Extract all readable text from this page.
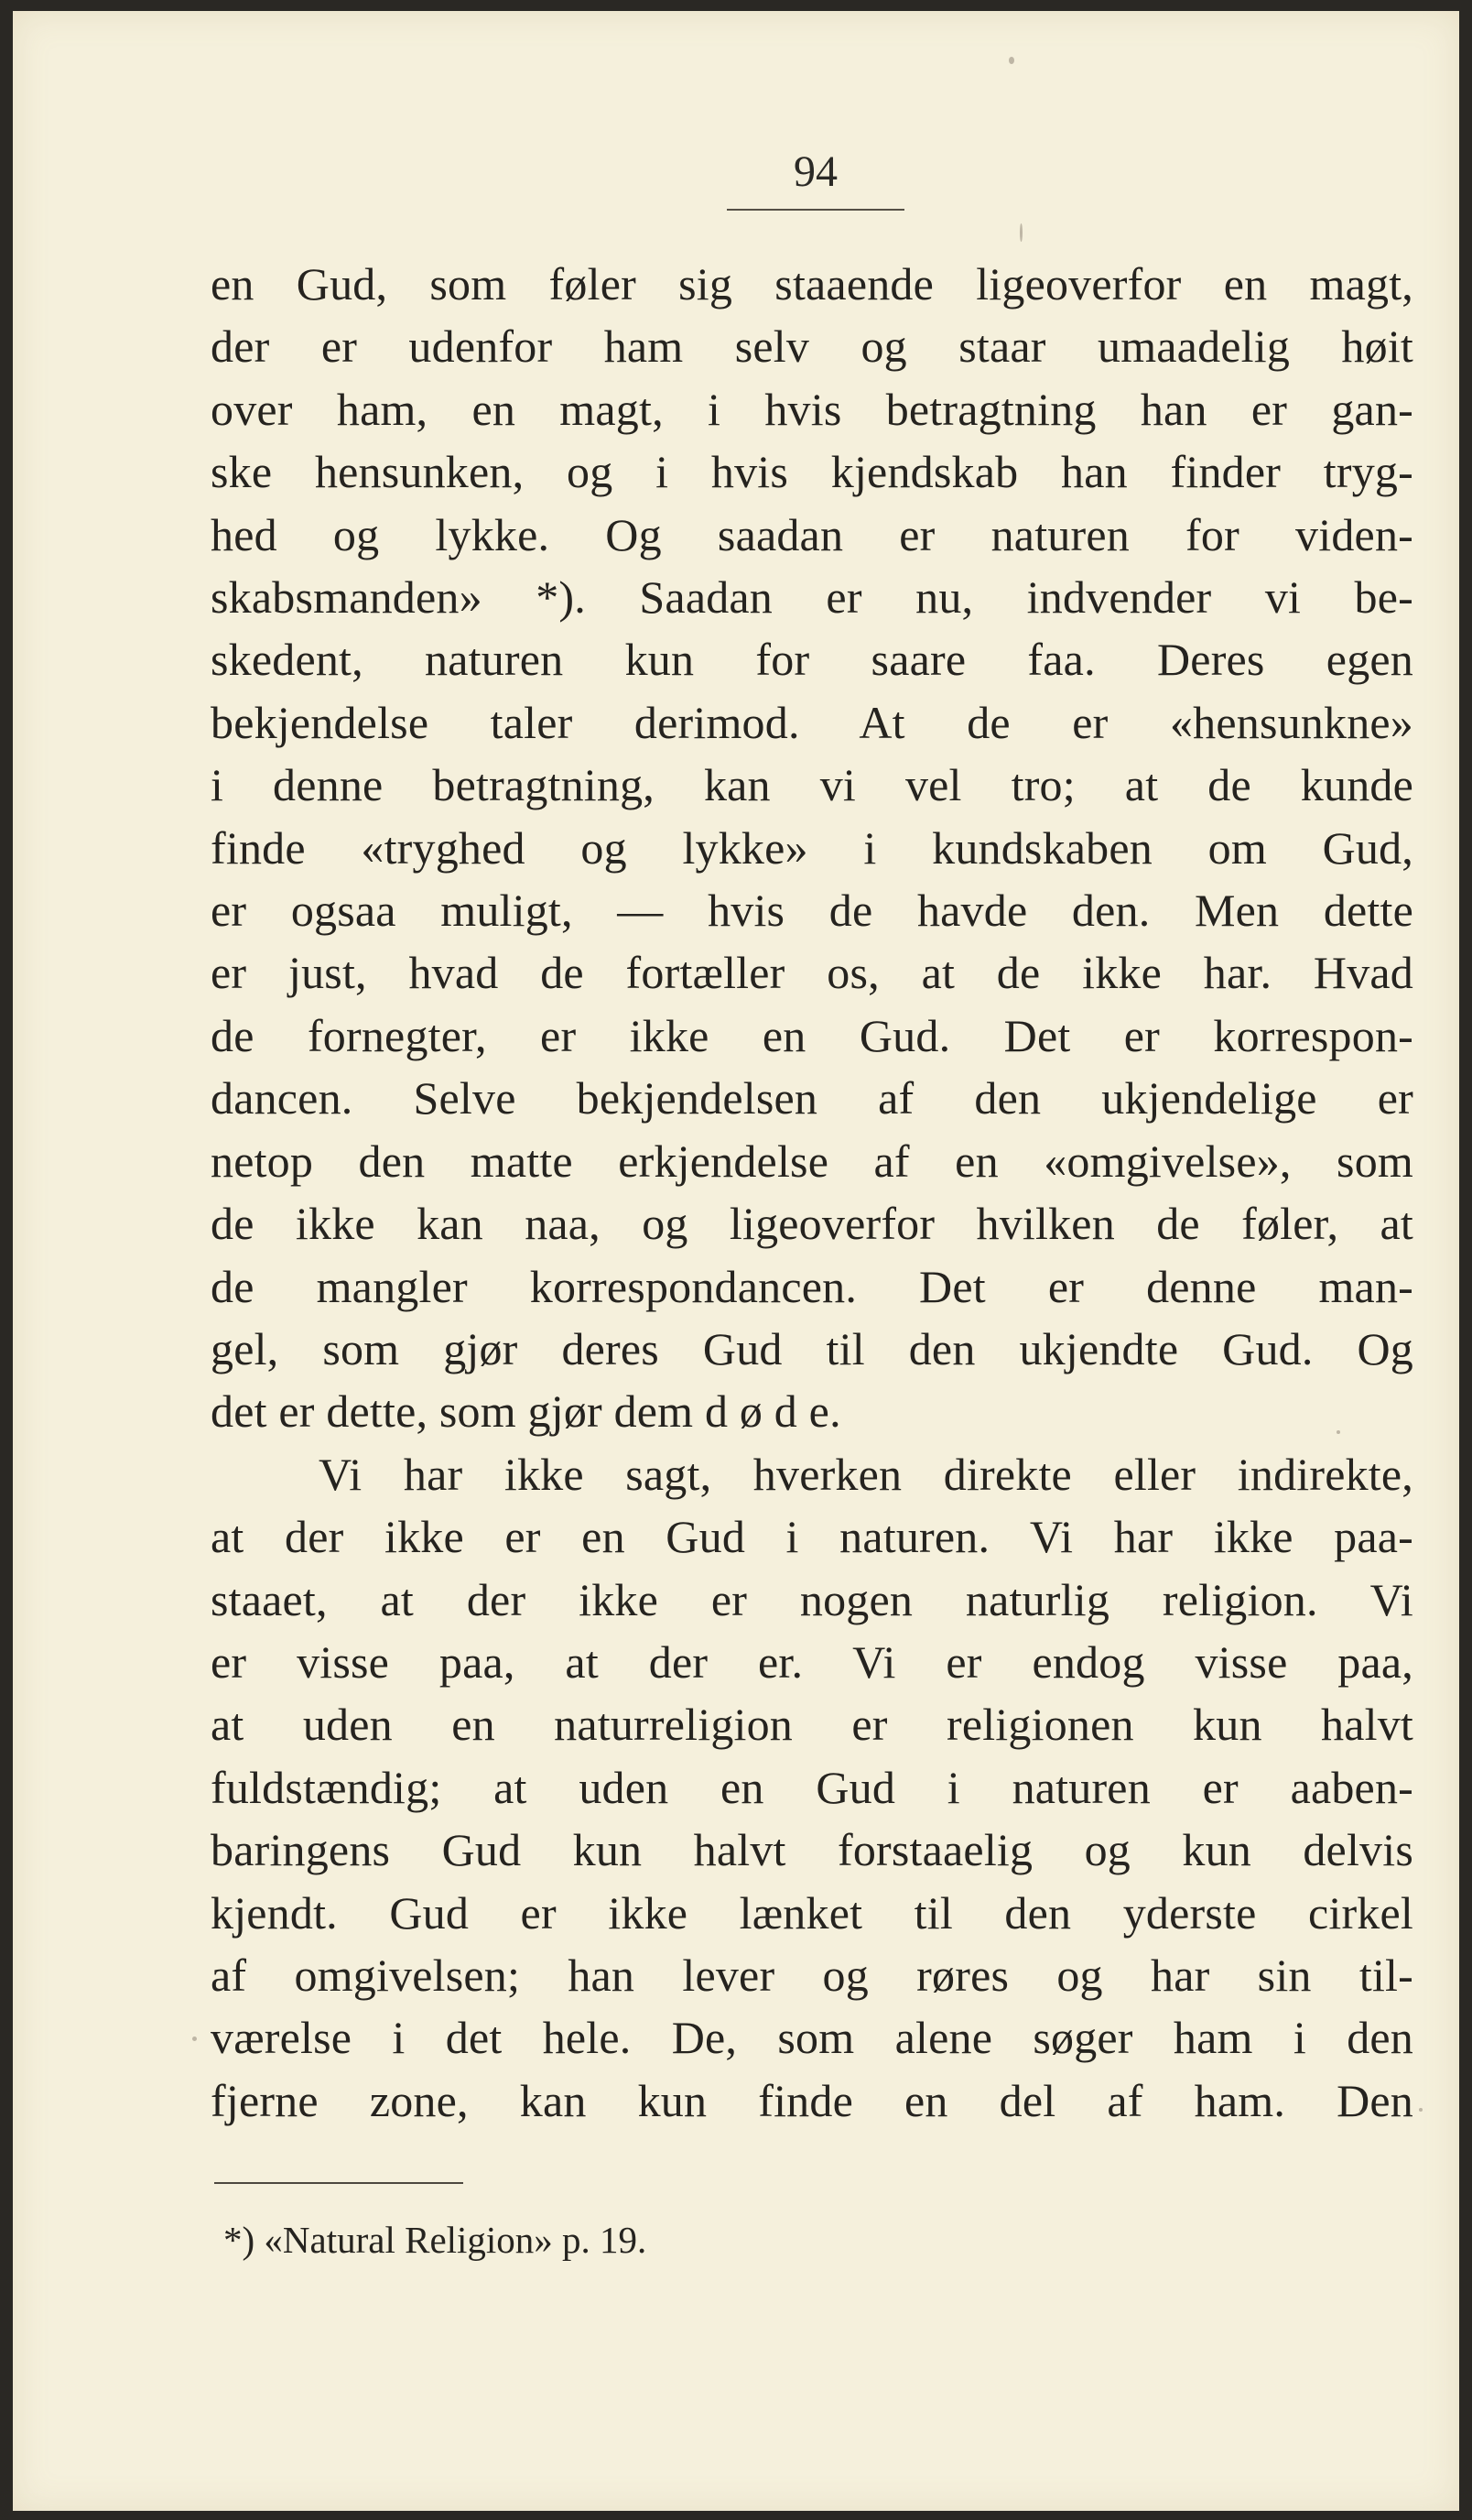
94
en Gud, som føler sig staaende ligeoverfor en magt,
der er udenfor ham selv og staar umaadelig høit
over ham, en magt, i hvis betragtning han er gan-
ske hensunken, og i hvis kjendskab han finder tryg-
hed og lykke. Og saadan er naturen for viden-
skabsmanden» *). Saadan er nu, indvender vi be-
skedent, naturen kun for saare faa. Deres egen
bekjendelse taler derimod. At de er «hensunkne»
i denne betragtning, kan vi vel tro; at de kunde
finde «tryghed og lykke» i kundskaben om Gud,
er ogsaa muligt, — hvis de havde den. Men dette
er just, hvad de fortæller os, at de ikke har. Hvad
de fornegter, er ikke en Gud. Det er korrespon-
dancen. Selve bekjendelsen af den ukjendelige er
netop den matte erkjendelse af en «omgivelse», som
de ikke kan naa, og ligeoverfor hvilken de føler, at
de mangler korrespondancen. Det er denne man-
gel, som gjør deres Gud til den ukjendte Gud. Og
det er dette, som gjør dem d ø d e.
Vi har ikke sagt, hverken direkte eller indirekte,
at der ikke er en Gud i naturen. Vi har ikke paa-
staaet, at der ikke er nogen naturlig religion. Vi
er visse paa, at der er. Vi er endog visse paa,
at uden en naturreligion er religionen kun halvt
fuldstændig; at uden en Gud i naturen er aaben-
baringens Gud kun halvt forstaaelig og kun delvis
kjendt. Gud er ikke lænket til den yderste cirkel
af omgivelsen; han lever og røres og har sin til-
værelse i det hele. De, som alene søger ham i den
fjerne zone, kan kun finde en del af ham. Den
*) «Natural Religion» p. 19.
